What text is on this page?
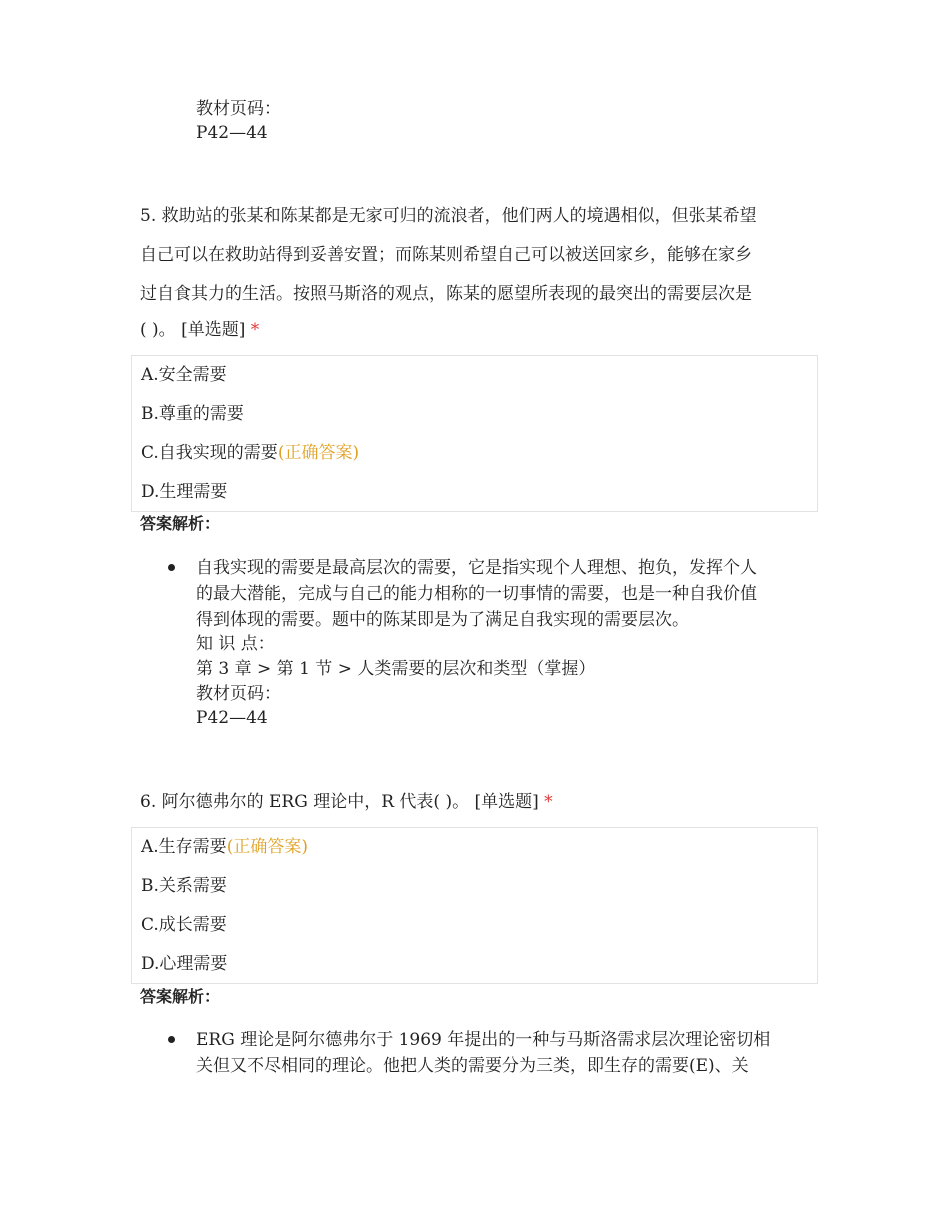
教材页码：
P42—44
5. 救助站的张某和陈某都是无家可归的流浪者，他们两人的境遇相似，但张某希望
自己可以在救助站得到妥善安置；而陈某则希望自己可以被送回家乡，能够在家乡
过自食其力的生活。按照马斯洛的观点，陈某的愿望所表现的最突出的需要层次是
( )。 [单选题] *
A.安全需要
B.尊重的需要
C.自我实现的需要(正确答案)
D.生理需要
答案解析：
自我实现的需要是最高层次的需要，它是指实现个人理想、抱负，发挥个人
的最大潜能，完成与自己的能力相称的一切事情的需要，也是一种自我价值
得到体现的需要。题中的陈某即是为了满足自我实现的需要层次。
知 识 点：
第 3 章 > 第 1 节 > 人类需要的层次和类型（掌握）
教材页码：
P42—44
6. 阿尔德弗尔的 ERG 理论中，R 代表( )。 [单选题] *
A.生存需要(正确答案)
B.关系需要
C.成长需要
D.心理需要
答案解析：
ERG 理论是阿尔德弗尔于 1969 年提出的一种与马斯洛需求层次理论密切相
关但又不尽相同的理论。他把人类的需要分为三类，即生存的需要(E)、关
